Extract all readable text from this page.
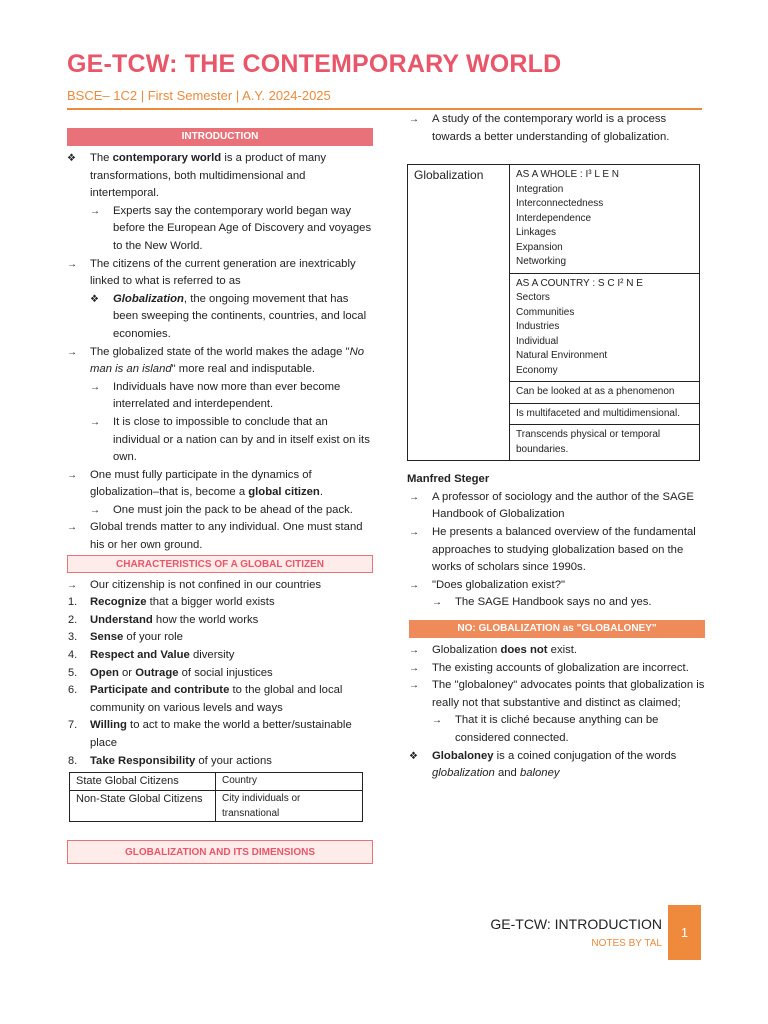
GE-TCW: THE CONTEMPORARY WORLD
BSCE– 1C2 | First Semester | A.Y. 2024-2025
INTRODUCTION
❖ The contemporary world is a product of many transformations, both multidimensional and intertemporal.
→ Experts say the contemporary world began way before the European Age of Discovery and voyages to the New World.
→ The citizens of the current generation are inextricably linked to what is referred to as
❖ Globalization, the ongoing movement that has been sweeping the continents, countries, and local economies.
→ The globalized state of the world makes the adage "No man is an island" more real and indisputable.
→ Individuals have now more than ever become interrelated and interdependent.
→ It is close to impossible to conclude that an individual or a nation can by and in itself exist on its own.
→ One must fully participate in the dynamics of globalization–that is, become a global citizen.
→ One must join the pack to be ahead of the pack.
→ Global trends matter to any individual. One must stand his or her own ground.
CHARACTERISTICS OF A GLOBAL CITIZEN
→ Our citizenship is not confined in our countries
1. Recognize that a bigger world exists
2. Understand how the world works
3. Sense of your role
4. Respect and Value diversity
5. Open or Outrage of social injustices
6. Participate and contribute to the global and local community on various levels and ways
7. Willing to act to make the world a better/sustainable place
8. Take Responsibility of your actions
State Global Citizens	Country
Non-State Global Citizens	City individuals or transnational
GLOBALIZATION AND ITS DIMENSIONS
→ A study of the contemporary world is a process towards a better understanding of globalization.
Globalization	AS A WHOLE : I³ L E N
Integration
Interconnectedness
Interdependence
Linkages
Expansion
Networking

AS A COUNTRY : S C I² N E
Sectors
Communities
Industries
Individual
Natural Environment
Economy

Can be looked at as a phenomenon
Is multifaceted and multidimensional.
Transcends physical or temporal boundaries.
Manfred Steger
→ A professor of sociology and the author of the SAGE Handbook of Globalization
→ He presents a balanced overview of the fundamental approaches to studying globalization based on the works of scholars since 1990s.
→ "Does globalization exist?"
→ The SAGE Handbook says no and yes.
NO: GLOBALIZATION as "GLOBALONEY"
→ Globalization does not exist.
→ The existing accounts of globalization are incorrect.
→ The "globaloney" advocates points that globalization is really not that substantive and distinct as claimed;
→ That it is cliché because anything can be considered connected.
❖ Globaloney is a coined conjugation of the words globalization and baloney
GE-TCW: INTRODUCTION
NOTES BY TAL
1
